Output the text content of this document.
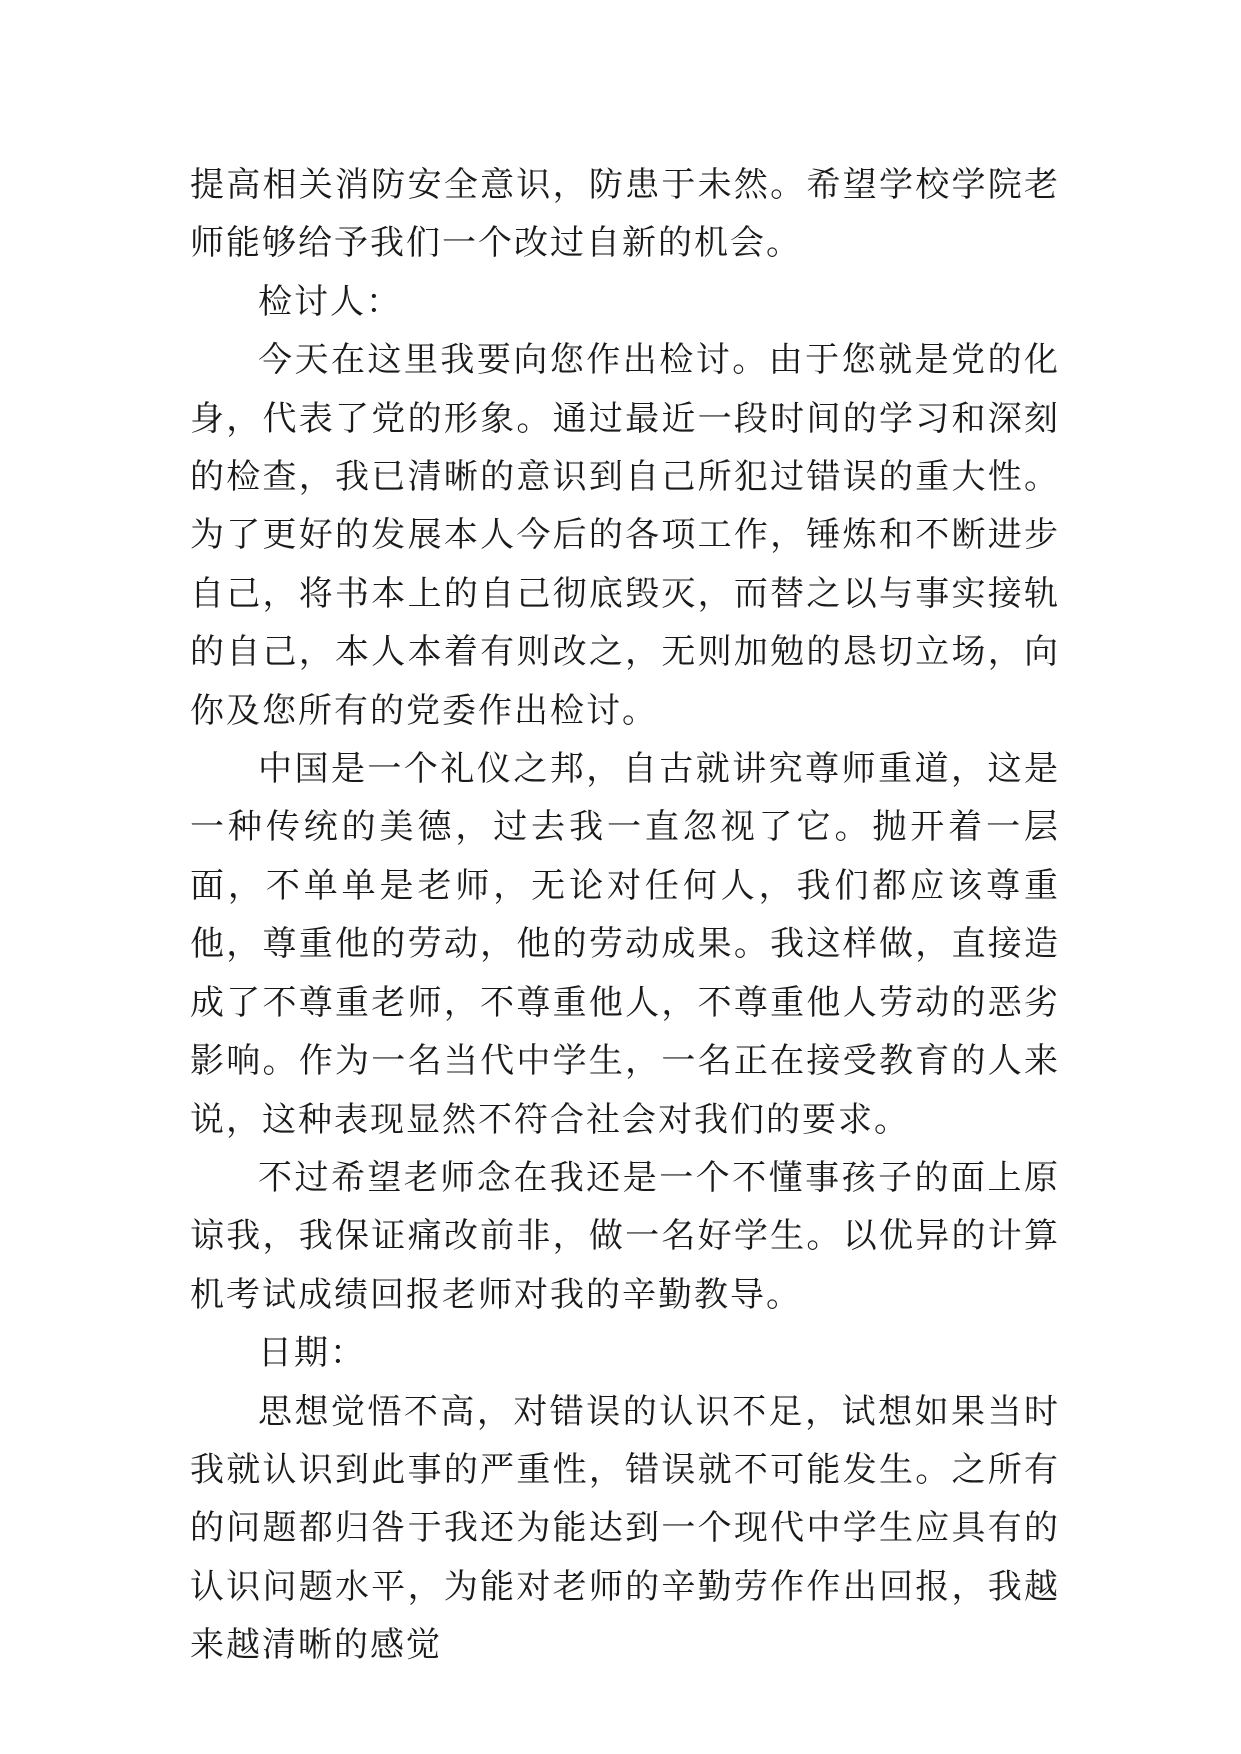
提高相关消防安全意识，防患于未然。希望学校学院老师能够给予我们一个改过自新的机会。

检讨人：

今天在这里我要向您作出检讨。由于您就是党的化身，代表了党的形象。通过最近一段时间的学习和深刻的检查，我已清晰的意识到自己所犯过错误的重大性。为了更好的发展本人今后的各项工作，锤炼和不断进步自己，将书本上的自己彻底毁灭，而替之以与事实接轨的自己，本人本着有则改之，无则加勉的恳切立场，向你及您所有的党委作出检讨。

中国是一个礼仪之邦，自古就讲究尊师重道，这是一种传统的美德，过去我一直忽视了它。抛开着一层面，不单单是老师，无论对任何人，我们都应该尊重他，尊重他的劳动，他的劳动成果。我这样做，直接造成了不尊重老师，不尊重他人，不尊重他人劳动的恶劣影响。作为一名当代中学生，一名正在接受教育的人来说，这种表现显然不符合社会对我们的要求。

不过希望老师念在我还是一个不懂事孩子的面上原谅我，我保证痛改前非，做一名好学生。以优异的计算机考试成绩回报老师对我的辛勤教导。

日期：

思想觉悟不高，对错误的认识不足，试想如果当时我就认识到此事的严重性，错误就不可能发生。之所有的问题都归咎于我还为能达到一个现代中学生应具有的认识问题水平，为能对老师的辛勤劳作作出回报，我越来越清晰的感觉
